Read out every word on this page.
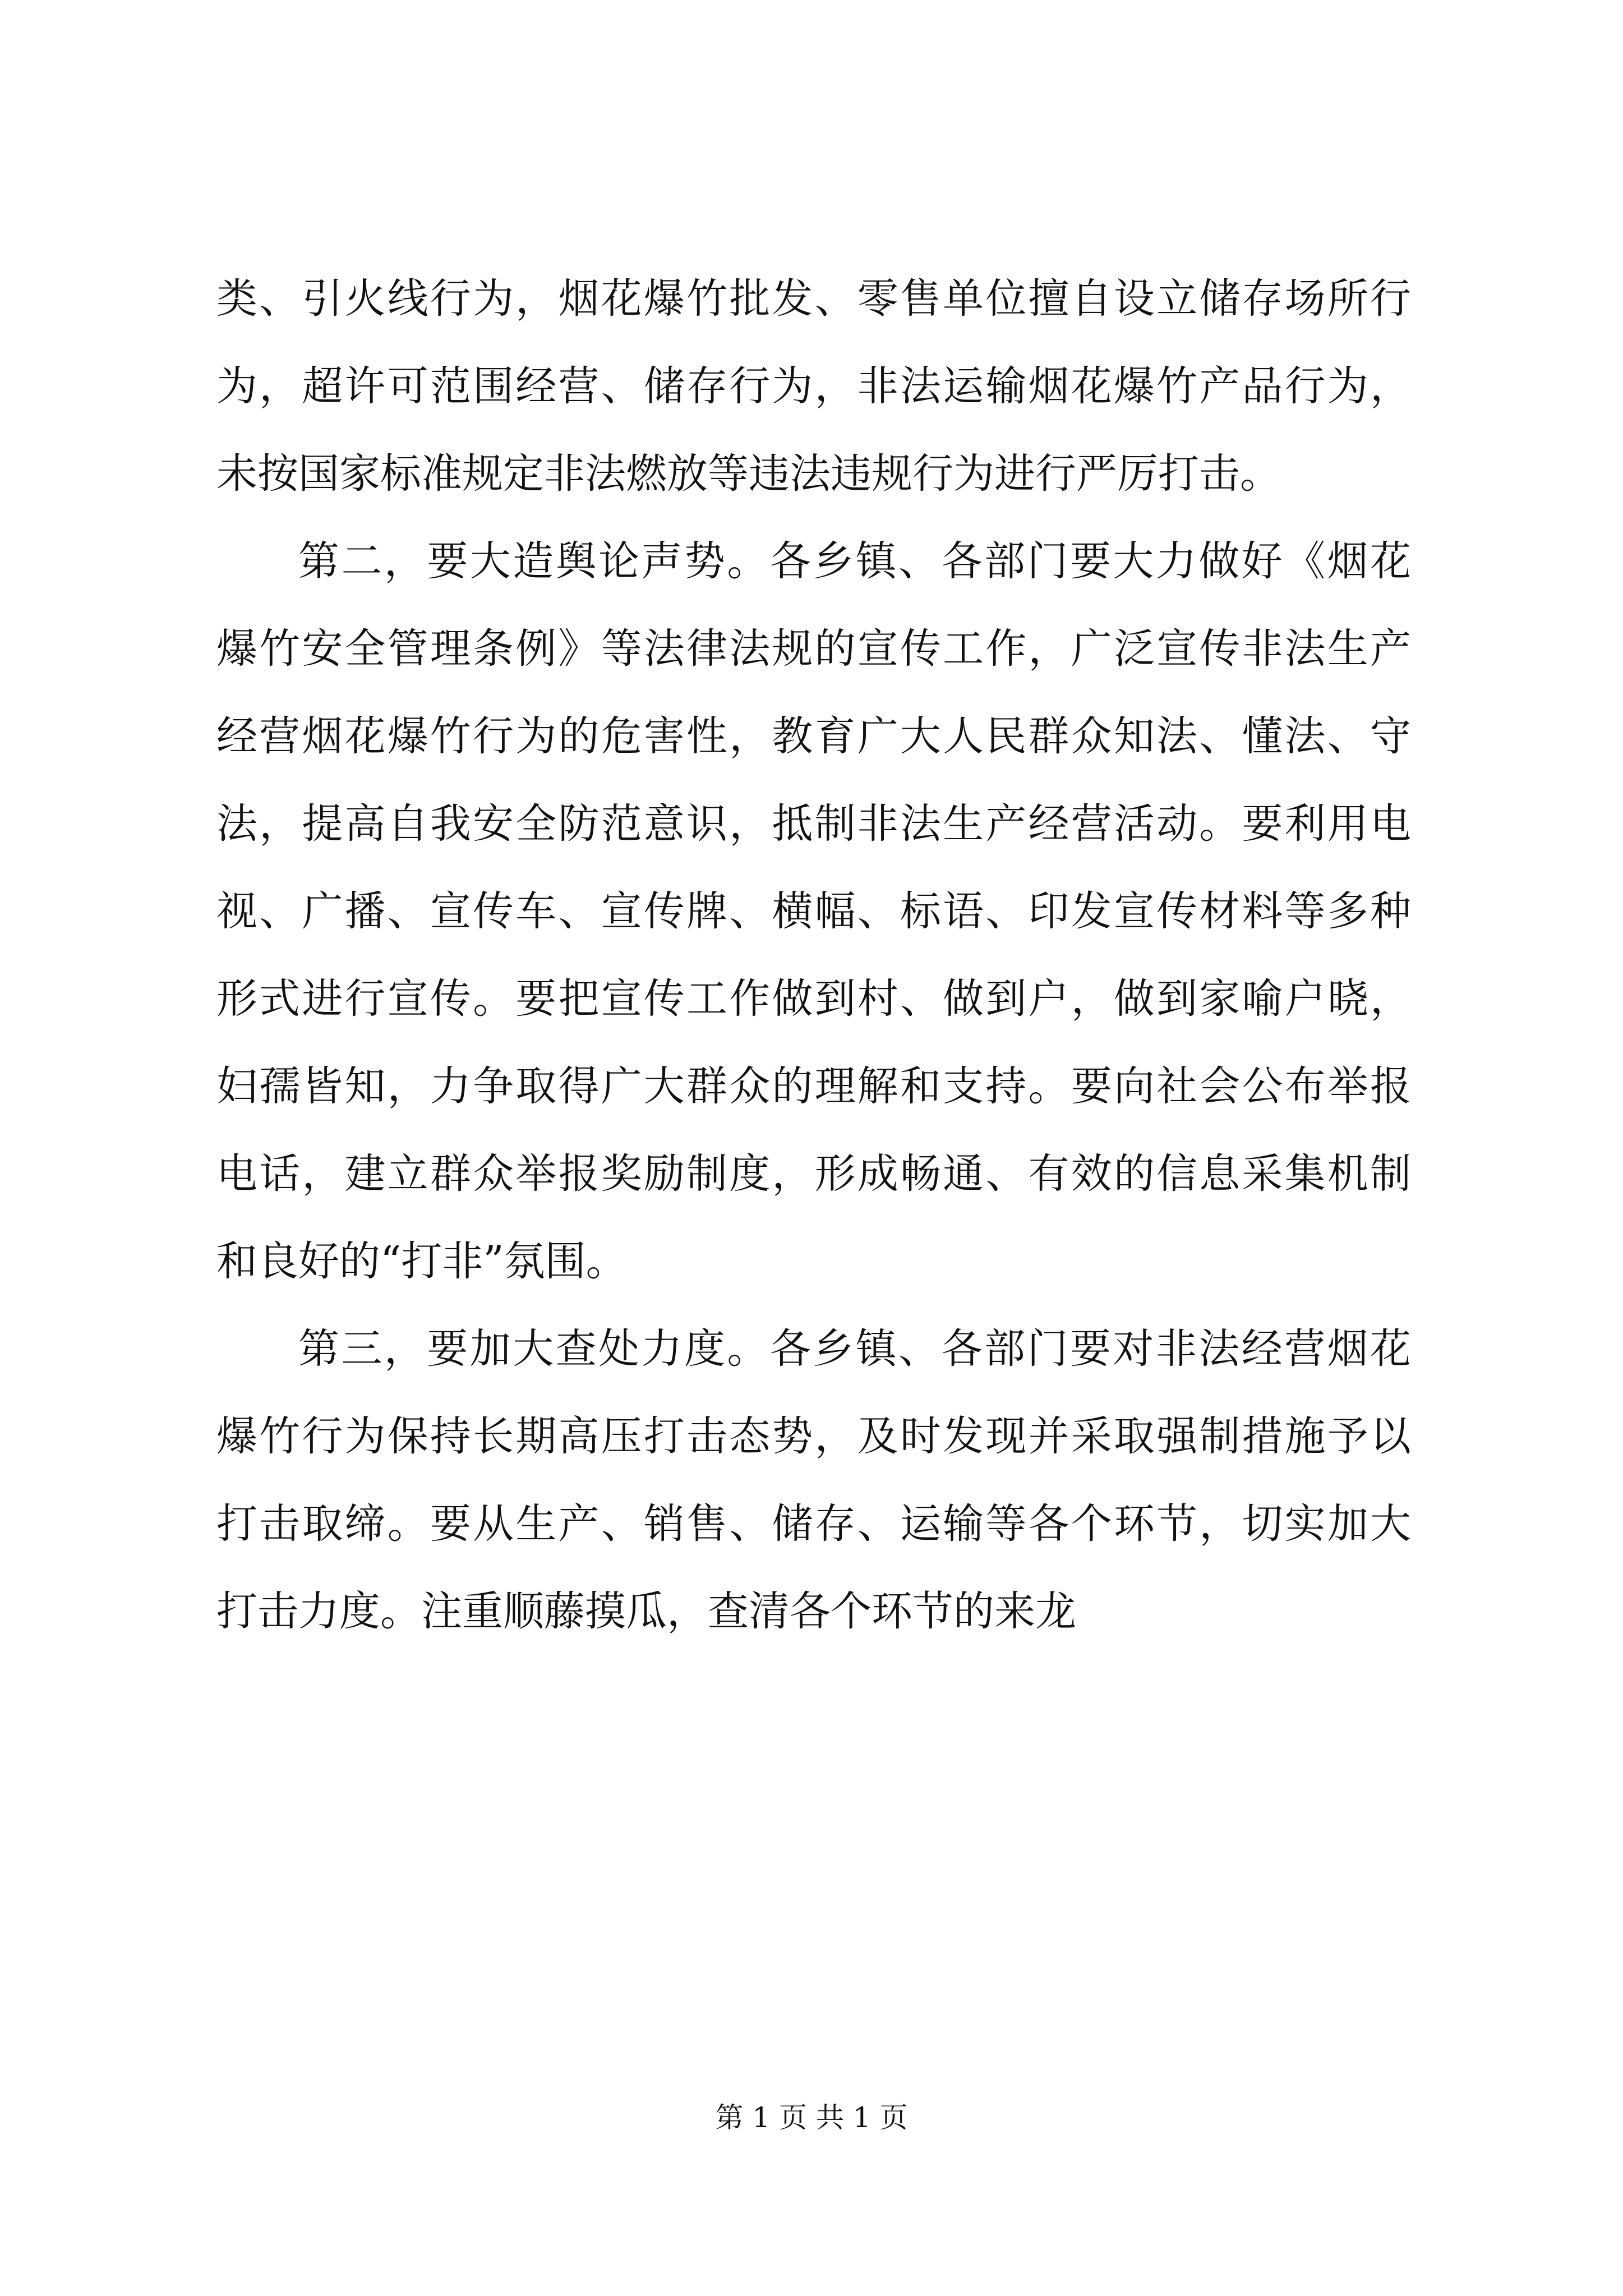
类、引火线行为，烟花爆竹批发、零售单位擅自设立储存场所行
为，超许可范围经营、储存行为，非法运输烟花爆竹产品行为，
未按国家标准规定非法燃放等违法违规行为进行严厉打击。
第二，要大造舆论声势。各乡镇、各部门要大力做好《烟花
爆竹安全管理条例》等法律法规的宣传工作，广泛宣传非法生产
经营烟花爆竹行为的危害性，教育广大人民群众知法、懂法、守
法，提高自我安全防范意识，抵制非法生产经营活动。要利用电
视、广播、宣传车、宣传牌、横幅、标语、印发宣传材料等多种
形式进行宣传。要把宣传工作做到村、做到户，做到家喻户晓，
妇孺皆知，力争取得广大群众的理解和支持。要向社会公布举报
电话，建立群众举报奖励制度，形成畅通、有效的信息采集机制
和良好的“打非”氛围。
第三，要加大查处力度。各乡镇、各部门要对非法经营烟花
爆竹行为保持长期高压打击态势，及时发现并采取强制措施予以
打击取缔。要从生产、销售、储存、运输等各个环节，切实加大
打击力度。注重顺藤摸瓜，查清各个环节的来龙
第 1 页 共 1 页
